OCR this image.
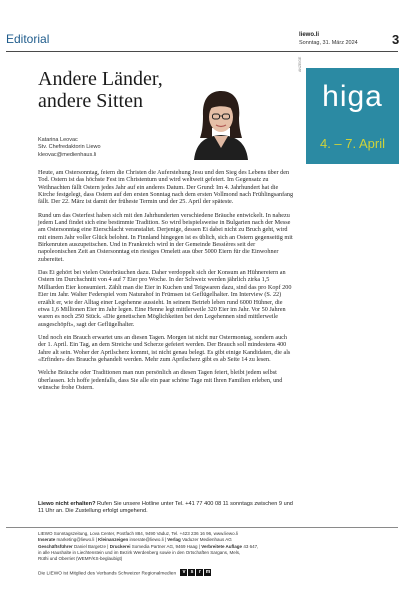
Editorial	liewo.li
Sonntag, 31. März 2024	3
Andere Länder,
andere Sitten
Katarina Leovac
Stv. Chefredaktorin Liewo
kleovac@medienhaus.li

Heute, am Ostersonntag, feiern die Christen die Auferstehung Jesu und den Sieg des Lebens über den Tod. Ostern ist das höchste Fest im Christentum und wird weltweit gefeiert. Im Gegensatz zu Weihnachten fällt Ostern jedes Jahr auf ein anderes Datum. Der Grund: Im 4. Jahrhundert hat die Kirche festgelegt, dass Ostern auf den ersten Sonntag nach dem ersten Vollmond nach Frühlingsanfang fällt. Der 22. März ist damit der früheste Termin und der 25. April der späteste.

Rund um das Osterfest haben sich mit den Jahrhunderten verschiedene Bräuche entwickelt. In nahezu jedem Land findet sich eine bestimmte Tradition. So wird beispielsweise in Bulgarien nach der Messe am Ostersonntag eine Eierschlacht veranstaltet. Derjenige, dessen Ei dabei nicht zu Bruch geht, wird mit einem Jahr voller Glück belohnt. In Finnland hingegen ist es üblich, sich an Ostern gegenseitig mit Birkenruten auszupeitschen. Und in Frankreich wird in der Gemeinde Bessières seit der napoleonischen Zeit an Ostersonntag ein riesiges Omelett aus über 5000 Eiern für die Einwohner zubereitet.

Das Ei gehört bei vielen Osterbräuchen dazu. Daher verdoppelt sich der Konsum an Hühnereiern an Ostern im Durchschnitt von 4 auf 7 Eier pro Woche. In der Schweiz werden jährlich zirka 1,5 Milliarden Eier konsumiert. Zählt man die Eier in Kuchen und Teigwaren dazu, sind das pro Kopf 200 Eier im Jahr. Walter Federspiel vom Naturahof in Frümsen ist Geflügelhalter. Im Interview (S. 22) erzählt er, wie der Alltag einer Legehenne aussieht. In seinem Betrieb leben rund 6000 Hühner, die etwa 1,6 Millionen Eier im Jahr legen. Eine Henne legt mittlerweile 320 Eier im Jahr. Vor 50 Jahren waren es noch 250 Stück. «Die genetischen Möglichkeiten bei den Legehennen sind mittlerweile ausgeschöpft», sagt der Geflügelhalter.

Und noch ein Brauch erwartet uns an diesen Tagen. Morgen ist nicht nur Ostermontag, sondern auch der 1. April. Ein Tag, an dem Streiche und Scherze gefeiert werden. Der Brauch soll mindestens 400 Jahre alt sein. Woher der Aprilscherz kommt, ist nicht genau belegt. Es gibt einige Kandidaten, die als «Erfinder» des Brauchs gehandelt werden. Mehr zum Aprilscherz gibt es ab Seite 14 zu lesen.

Welche Bräuche oder Traditionen man nun persönlich an diesen Tagen feiert, bleibt jedem selbst überlassen. Ich hoffe jedenfalls, dass Sie alle ein paar schöne Tage mit Ihren Familien erleben, und wünsche frohe Ostern.

Liewo nicht erhalten? Rufen Sie unsere Hotline unter Tel. +41 77 400 08 11 sonntags zwischen 9 und 11 Uhr an. Die Zustellung erfolgt umgehend.
LIEWO Sonntagszeitung, Lova Center, Postfach 884, 9490 Vaduz, Tel. +423 236 16 96, www.liewo.li
Inserate marketing@liewo.li | Kleinanzeigen inserate@liewo.li | Verlag Vaduzer Medienhaus AG
Geschäftsführer Daniel Bargetze | Druckerei Somedia Partner AG, 9469 Haag | Verbreitete Auflage 43 647,
in alle Haushalte in Liechtenstein und im Bezirk Werdenberg sowie in den Ortschaften Sargans, Mels,
Rüthi und Oberriet (WEMF/KS-beglaubigt)
Die LIEWO ist Mitglied des Verbands Schweizer Regionalmedien v s r m
ANZEIGE
higa
4. – 7. April
